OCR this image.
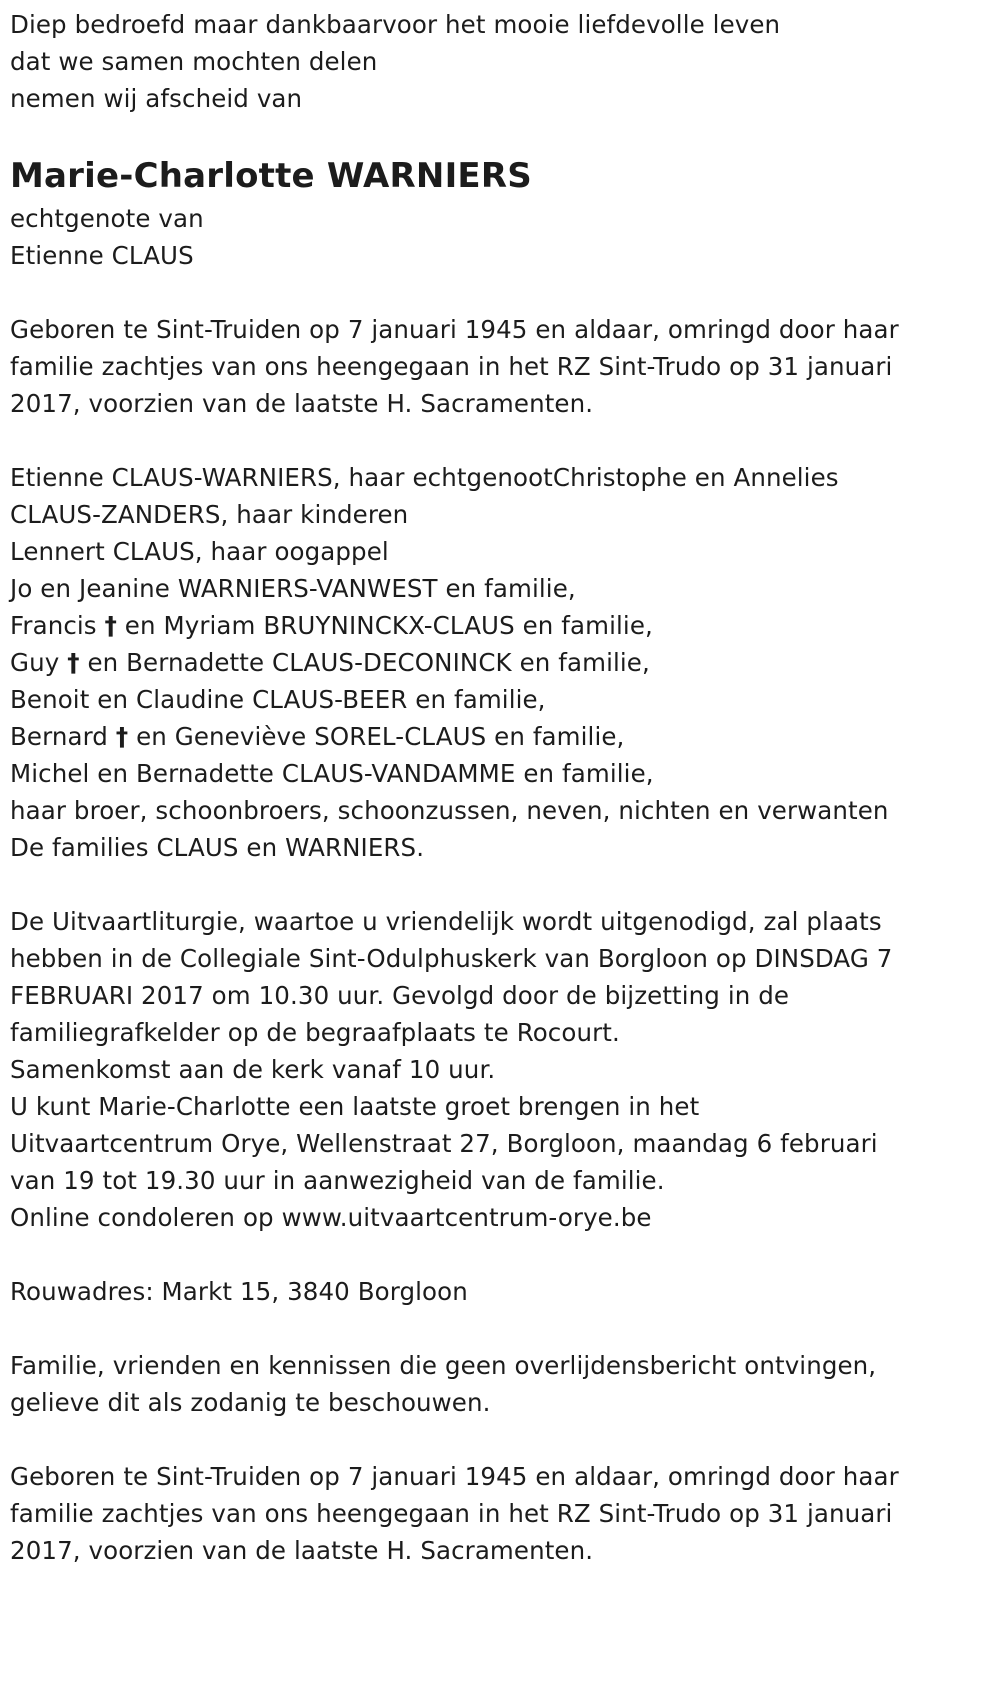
Diep bedroefd maar dankbaarvoor het mooie liefdevolle leven
dat we samen mochten delen
nemen wij afscheid van
Marie-Charlotte WARNIERS
echtgenote van
Etienne CLAUS
Geboren te Sint-Truiden op 7 januari 1945 en aldaar, omringd door haar
familie zachtjes van ons heengegaan in het RZ Sint-Trudo op 31 januari
2017, voorzien van de laatste H. Sacramenten.
Etienne CLAUS-WARNIERS, haar echtgenootChristophe en Annelies
CLAUS-ZANDERS, haar kinderen
Lennert CLAUS, haar oogappel
Jo en Jeanine WARNIERS-VANWEST en familie,
Francis † en Myriam BRUYNINCKX-CLAUS en familie,
Guy † en Bernadette CLAUS-DECONINCK en familie,
Benoit en Claudine CLAUS-BEER en familie,
Bernard † en Geneviève SOREL-CLAUS en familie,
Michel en Bernadette CLAUS-VANDAMME en familie,
haar broer, schoonbroers, schoonzussen, neven, nichten en verwanten
De families CLAUS en WARNIERS.
De Uitvaartliturgie, waartoe u vriendelijk wordt uitgenodigd, zal plaats
hebben in de Collegiale Sint-Odulphuskerk van Borgloon op DINSDAG 7
FEBRUARI 2017 om 10.30 uur. Gevolgd door de bijzetting in de
familiegrafkelder op de begraafplaats te Rocourt.
Samenkomst aan de kerk vanaf 10 uur.
U kunt Marie-Charlotte een laatste groet brengen in het
Uitvaartcentrum Orye, Wellenstraat 27, Borgloon, maandag 6 februari
van 19 tot 19.30 uur in aanwezigheid van de familie.
Online condoleren op www.uitvaartcentrum-orye.be
Rouwadres: Markt 15, 3840 Borgloon
Familie, vrienden en kennissen die geen overlijdensbericht ontvingen,
gelieve dit als zodanig te beschouwen.
Geboren te Sint-Truiden op 7 januari 1945 en aldaar, omringd door haar
familie zachtjes van ons heengegaan in het RZ Sint-Trudo op 31 januari
2017, voorzien van de laatste H. Sacramenten.
